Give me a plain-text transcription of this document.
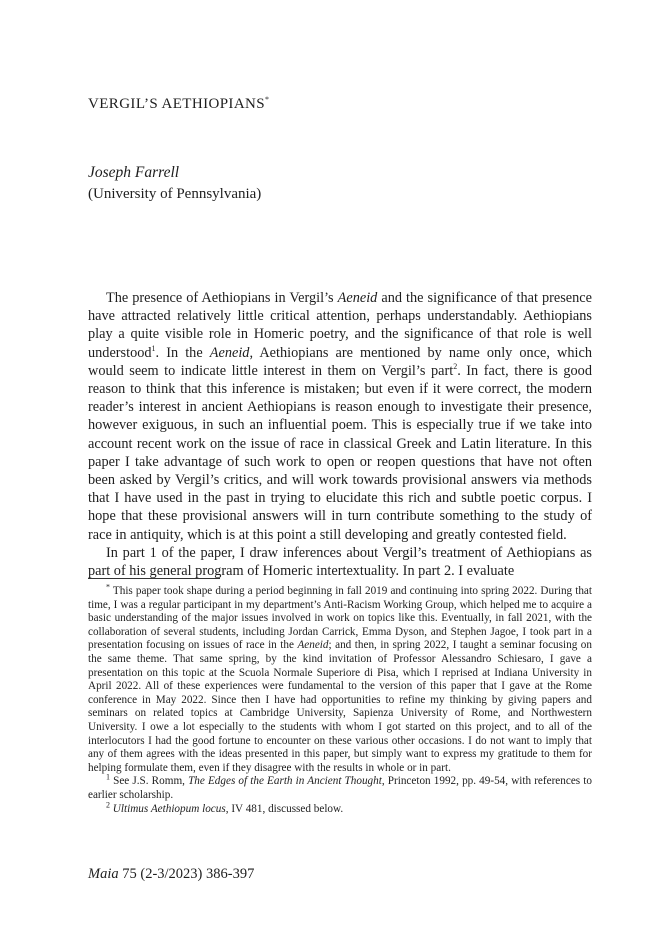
VERGIL’S AETHIOPIANS*
Joseph Farrell
(University of Pennsylvania)

The presence of Aethiopians in Vergil’s Aeneid and the significance of that presence have attracted relatively little critical attention, perhaps understandably. Aethiopians play a quite visible role in Homeric poetry, and the significance of that role is well understood$^1$. In the Aeneid, Aethiopians are mentioned by name only once, which would seem to indicate little interest in them on Vergil’s part$^2$. In fact, there is good reason to think that this inference is mistaken; but even if it were correct, the modern reader’s interest in ancient Aethiopians is reason enough to investigate their presence, however exiguous, in such an influential poem. This is especially true if we take into account recent work on the issue of race in classical Greek and Latin literature. In this paper I take advantage of such work to open or reopen questions that have not often been asked by Vergil’s critics, and will work towards provisional answers via methods that I have used in the past in trying to elucidate this rich and subtle poetic corpus. I hope that these provisional answers will in turn contribute something to the study of race in antiquity, which is at this point a still developing and greatly contested field.

In part 1 of the paper, I draw inferences about Vergil’s treatment of Aethiopians as part of his general program of Homeric intertextuality. In part 2. I evaluate

* This paper took shape during a period beginning in fall 2019 and continuing into spring 2022. During that time, I was a regular participant in my department’s Anti-Racism Working Group, which helped me to acquire a basic understanding of the major issues involved in work on topics like this. Eventually, in fall 2021, with the collaboration of several students, including Jordan Carrick, Emma Dyson, and Stephen Jagoe, I took part in a presentation focusing on issues of race in the Aeneid; and then, in spring 2022, I taught a seminar focusing on the same theme. That same spring, by the kind invitation of Professor Alessandro Schiesaro, I gave a presentation on this topic at the Scuola Normale Superiore di Pisa, which I reprised at Indiana University in April 2022. All of these experiences were fundamental to the version of this paper that I gave at the Rome conference in May 2022. Since then I have had opportunities to refine my thinking by giving papers and seminars on related topics at Cambridge University, Sapienza University of Rome, and Northwestern University. I owe a lot especially to the students with whom I got started on this project, and to all of the interlocutors I had the good fortune to encounter on these various other occasions. I do not want to imply that any of them agrees with the ideas presented in this paper, but simply want to express my gratitude to them for helping formulate them, even if they disagree with the results in whole or in part.

$^1$ See J.S. Romm, The Edges of the Earth in Ancient Thought, Princeton 1992, pp. 49-54, with references to earlier scholarship.

$^2$ Ultimus Aethiopum locus, IV 481, discussed below.

Maia 75 (2-3/2023) 386-397
